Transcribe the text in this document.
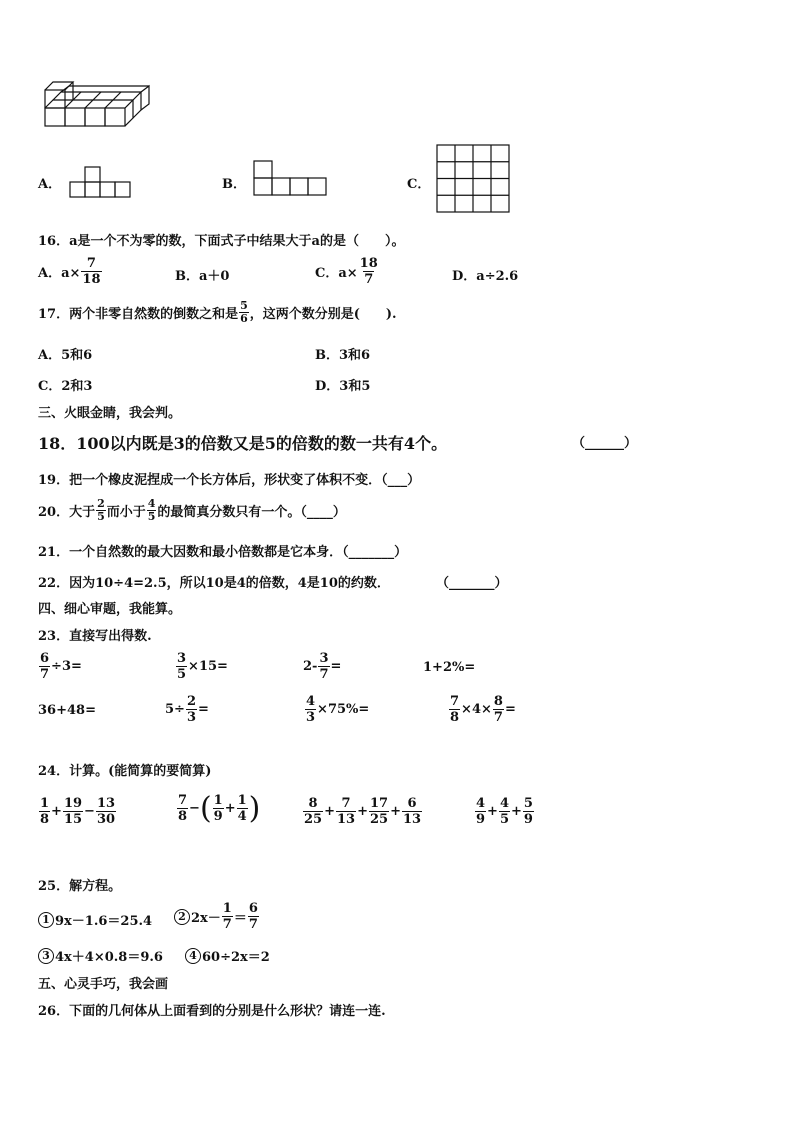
A．	B．	C．
16．a是一个不为零的数，下面式子中结果大于a的是（　　）。
A．$a\times \frac{7}{18}$	B．a＋0	C．$a\times \frac{18}{7}$	D．a÷2.6
17．两个非零自然数的倒数之和是 $\frac{5}{6}$ ，这两个数分别是(　　).
A．5和6	B．3和6
C．2和3	D．3和5
三、火眼金睛，我会判。
18．100以内既是3的倍数又是5的倍数的数一共有4个。	（______）
19．把一个橡皮泥捏成一个长方体后，形状变了体积不变．（___）
20．大于 $\frac{2}{5}$ 而小于 $\frac{4}{5}$ 的最简真分数只有一个。（____）
21．一个自然数的最大因数和最小倍数都是它本身．（_______）
22．因为10÷4=2.5，所以10是4的倍数，4是10的约数．	（_______）
四、细心审题，我能算。
23．直接写出得数.
$\frac{6}{7} \div 3=$	$\frac{3}{5} \times 15=$	$2- \frac{3}{7}$ =	1+2%=
36+48=	$5\div \frac{2}{3}$ =	$\frac{4}{3} \times 75\%=$	$\frac{7}{8} \times 4\times \frac{8}{7}$ =
24．计算。(能简算的要简算)
$\frac{1}{8} + \frac{19}{15} - \frac{13}{30}$	$\frac{7}{8}$ − ( $\frac{1}{9} + \frac{1}{4}$ )	$\frac{8}{25} + \frac{7}{13} + \frac{17}{25} + \frac{6}{13}$	$\frac{4}{9} + \frac{4}{5} + \frac{5}{9}$
25．解方程。
1 9x－1.6＝25.4	2 $2x- \frac{1}{7} = \frac{6}{7}$
3 4x＋4×0.8＝9.6	4 60÷2x＝2
五、心灵手巧，我会画
26．下面的几何体从上面看到的分别是什么形状？请连一连.
